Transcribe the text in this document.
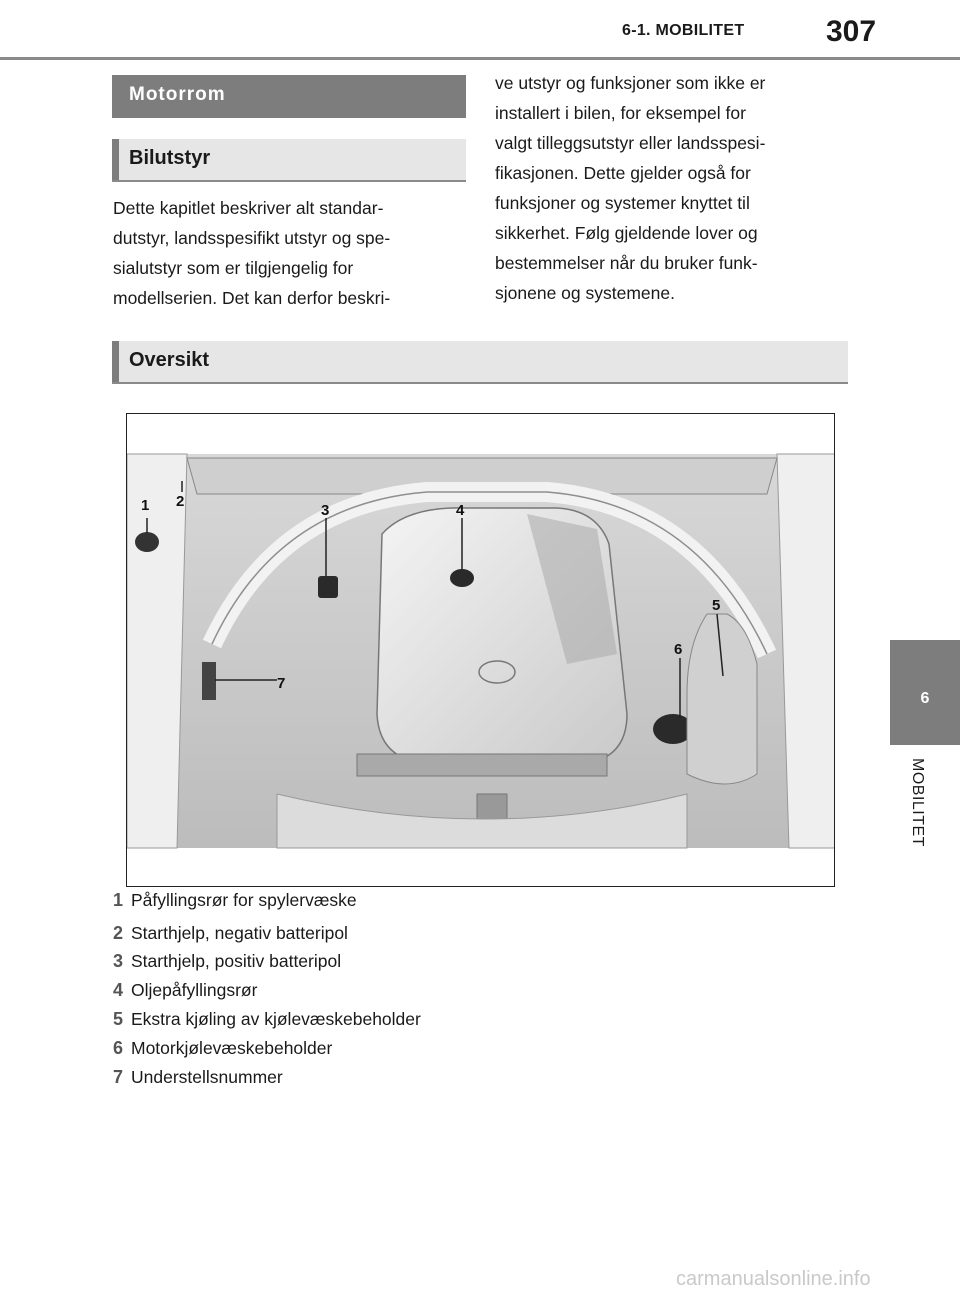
6-1. MOBILITET	307
6
MOBILITET
Motorrom
Bilutstyr

Dette kapitlet beskriver alt standar-

dutstyr, landsspesifikt utstyr og spe-

sialutstyr som er tilgjengelig for

modellserien. Det kan derfor beskri-

ve utstyr og funksjoner som ikke er

installert i bilen, for eksempel for

valgt tilleggsutstyr eller landsspesi-

fikasjonen. Dette gjelder også for

funksjoner og systemer knyttet til

sikkerhet. Følg gjeldende lover og

bestemmelser når du bruker funk-

sjonene og systemene.

Oversikt
1 2
3	4
5
6
7
1 Påfyllingsrør for spylervæske
2 Starthjelp, negativ batteripol
3 Starthjelp, positiv batteripol
4 Oljepåfyllingsrør
5 Ekstra kjøling av kjølevæskebeholder
6 Motorkjølevæskebeholder
7 Understellsnummer
carmanualsonline.info
